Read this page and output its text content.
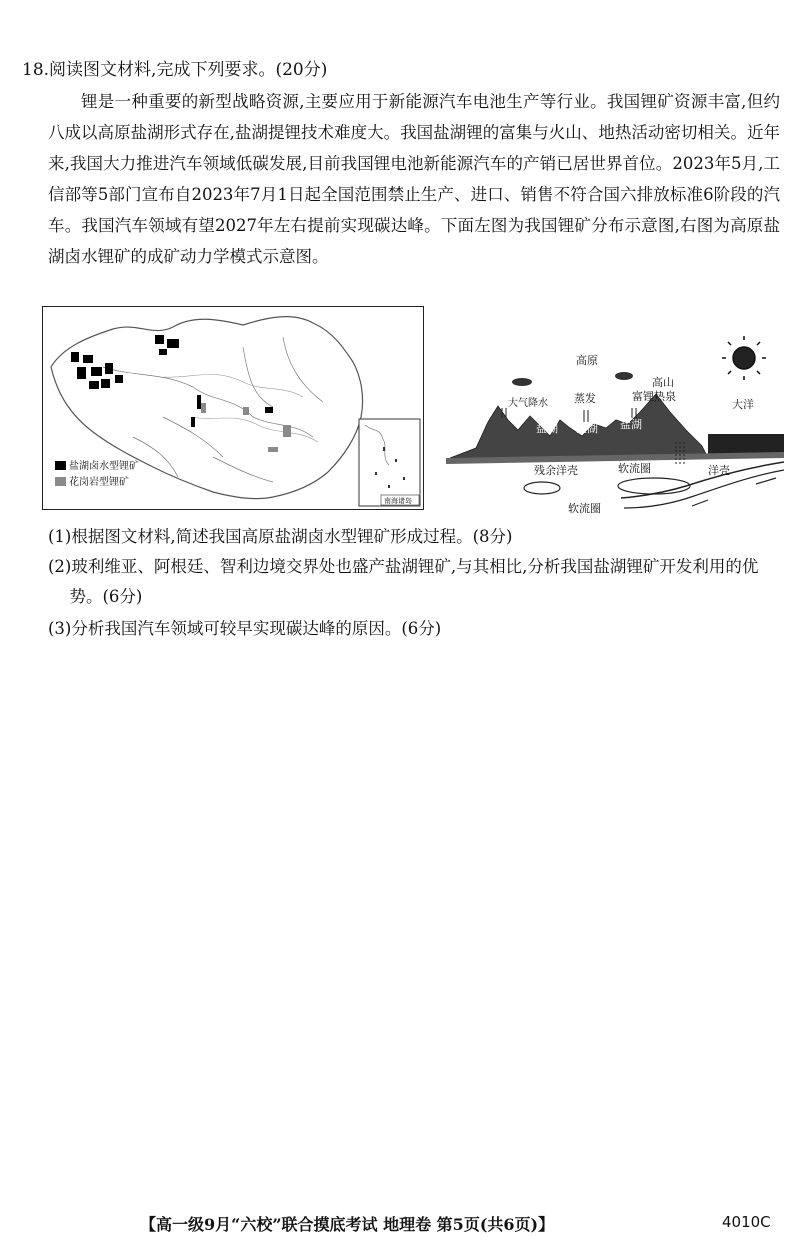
18.阅读图文材料,完成下列要求。(20分)

锂是一种重要的新型战略资源,主要应用于新能源汽车电池生产等行业。我国锂矿资源丰富,但约八成以高原盐湖形式存在,盐湖提锂技术难度大。我国盐湖锂的富集与火山、地热活动密切相关。近年来,我国大力推进汽车领域低碳发展,目前我国锂电池新能源汽车的产销已居世界首位。2023年5月,工信部等5部门宣布自2023年7月1日起全国范围禁止生产、进口、销售不符合国六排放标准6阶段的汽车。我国汽车领域有望2027年左右提前实现碳达峰。下面左图为我国锂矿分布示意图,右图为高原盐湖卤水锂矿的成矿动力学模式示意图。

盐湖卤水型锂矿
花岗岩型锂矿
南海诸岛
高原
高山
大气降水 蒸发	富锂热泉
大洋
盐湖 盐湖 盐湖
残余洋壳	软流圈	洋壳
软流圈

(1)根据图文材料,简述我国高原盐湖卤水型锂矿形成过程。(8分)

(2)玻利维亚、阿根廷、智利边境交界处也盛产盐湖锂矿,与其相比,分析我国盐湖锂矿开发利用的优势。(6分)

(3)分析我国汽车领域可较早实现碳达峰的原因。(6分)

【高一级9月“六校”联合摸底考试 地理卷 第5页(共6页)】	4010C
